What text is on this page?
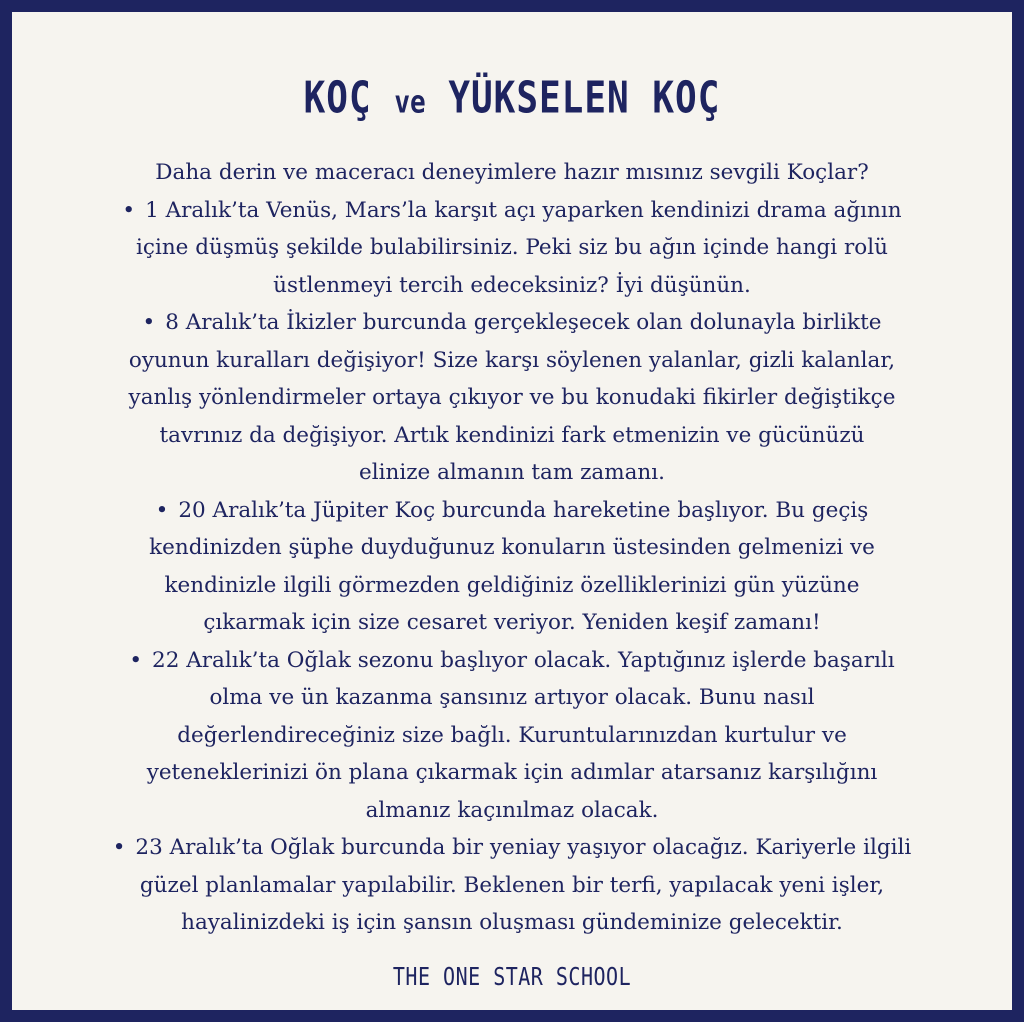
KOÇ ve YÜKSELEN KOÇ

Daha derin ve maceracı deneyimlere hazır mısınız sevgili Koçlar?

• 1 Aralık’ta Venüs, Mars’la karşıt açı yaparken kendinizi drama ağının

içine düşmüş şekilde bulabilirsiniz. Peki siz bu ağın içinde hangi rolü

üstlenmeyi tercih edeceksiniz? İyi düşünün.

• 8 Aralık’ta İkizler burcunda gerçekleşecek olan dolunayla birlikte

oyunun kuralları değişiyor! Size karşı söylenen yalanlar, gizli kalanlar,

yanlış yönlendirmeler ortaya çıkıyor ve bu konudaki fikirler değiştikçe

tavrınız da değişiyor. Artık kendinizi fark etmenizin ve gücünüzü

elinize almanın tam zamanı.

• 20 Aralık’ta Jüpiter Koç burcunda hareketine başlıyor. Bu geçiş

kendinizden şüphe duyduğunuz konuların üstesinden gelmenizi ve

kendinizle ilgili görmezden geldiğiniz özelliklerinizi gün yüzüne

çıkarmak için size cesaret veriyor. Yeniden keşif zamanı!

• 22 Aralık’ta Oğlak sezonu başlıyor olacak. Yaptığınız işlerde başarılı

olma ve ün kazanma şansınız artıyor olacak. Bunu nasıl

değerlendireceğiniz size bağlı. Kuruntularınızdan kurtulur ve

yeteneklerinizi ön plana çıkarmak için adımlar atarsanız karşılığını

almanız kaçınılmaz olacak.

• 23 Aralık’ta Oğlak burcunda bir yeniay yaşıyor olacağız. Kariyerle ilgili

güzel planlamalar yapılabilir. Beklenen bir terfi, yapılacak yeni işler,

hayalinizdeki iş için şansın oluşması gündeminize gelecektir.

THE ONE STAR SCHOOL
